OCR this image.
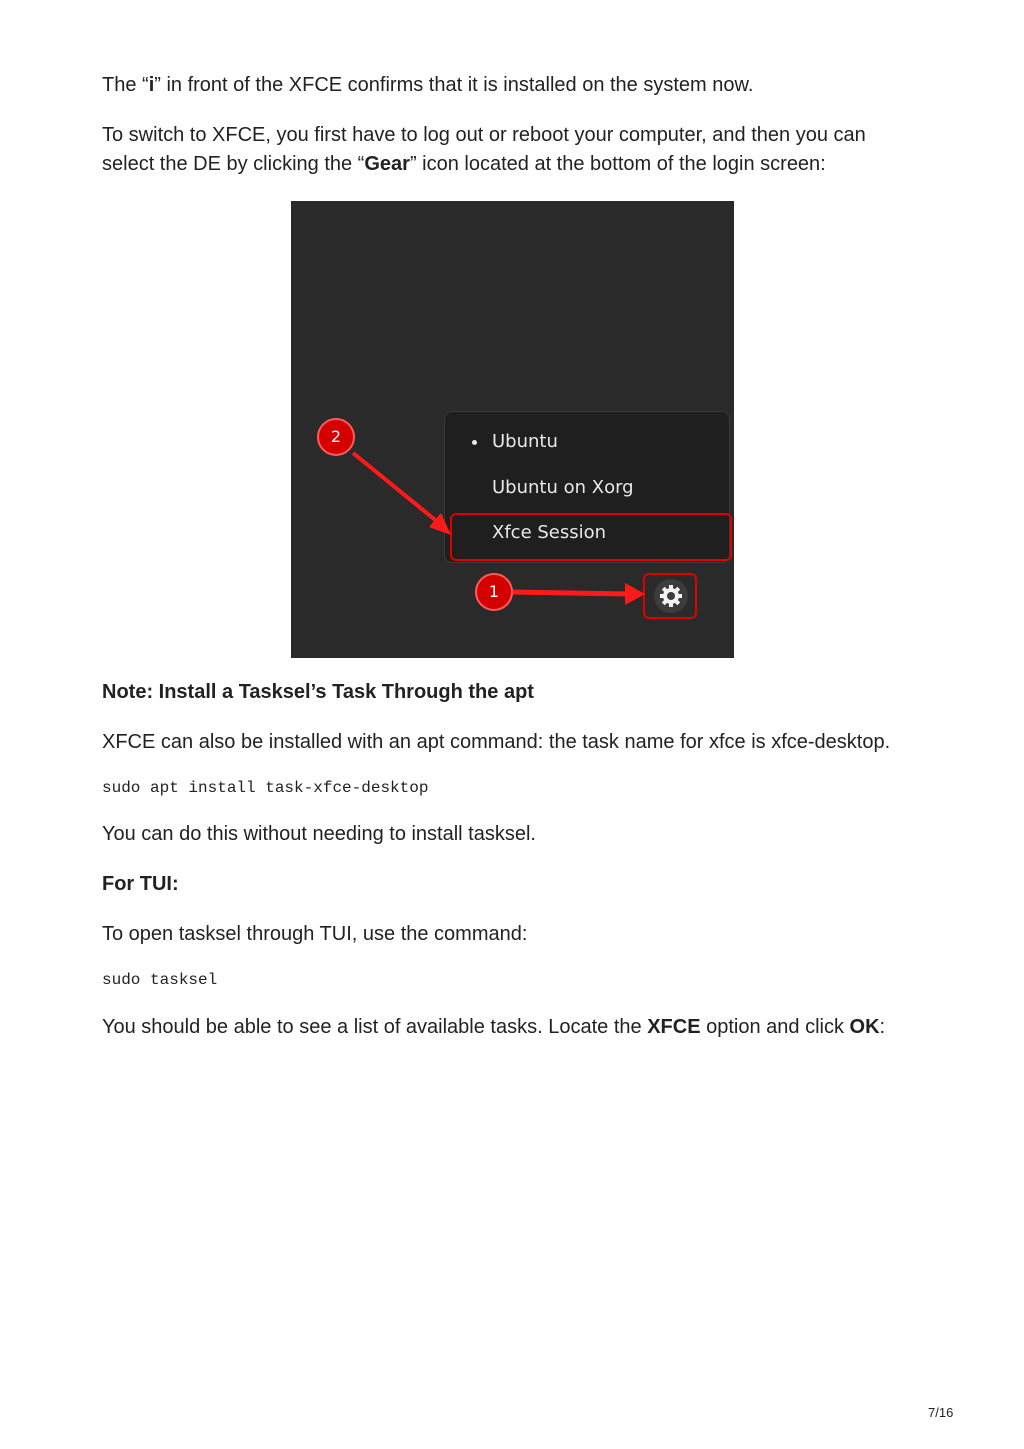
The “i” in front of the XFCE confirms that it is installed on the system now.

To switch to XFCE, you first have to log out or reboot your computer, and then you can

select the DE by clicking the “Gear” icon located at the bottom of the login screen:

Note: Install a Tasksel’s Task Through the apt

XFCE can also be installed with an apt command: the task name for xfce is xfce-desktop.

sudo apt install task-xfce-desktop

You can do this without needing to install tasksel.

For TUI:

To open tasksel through TUI, use the command:

sudo tasksel

You should be able to see a list of available tasks. Locate the XFCE option and click OK:

Ubuntu
Ubuntu on Xorg
Xfce Session
2
1
7/16
